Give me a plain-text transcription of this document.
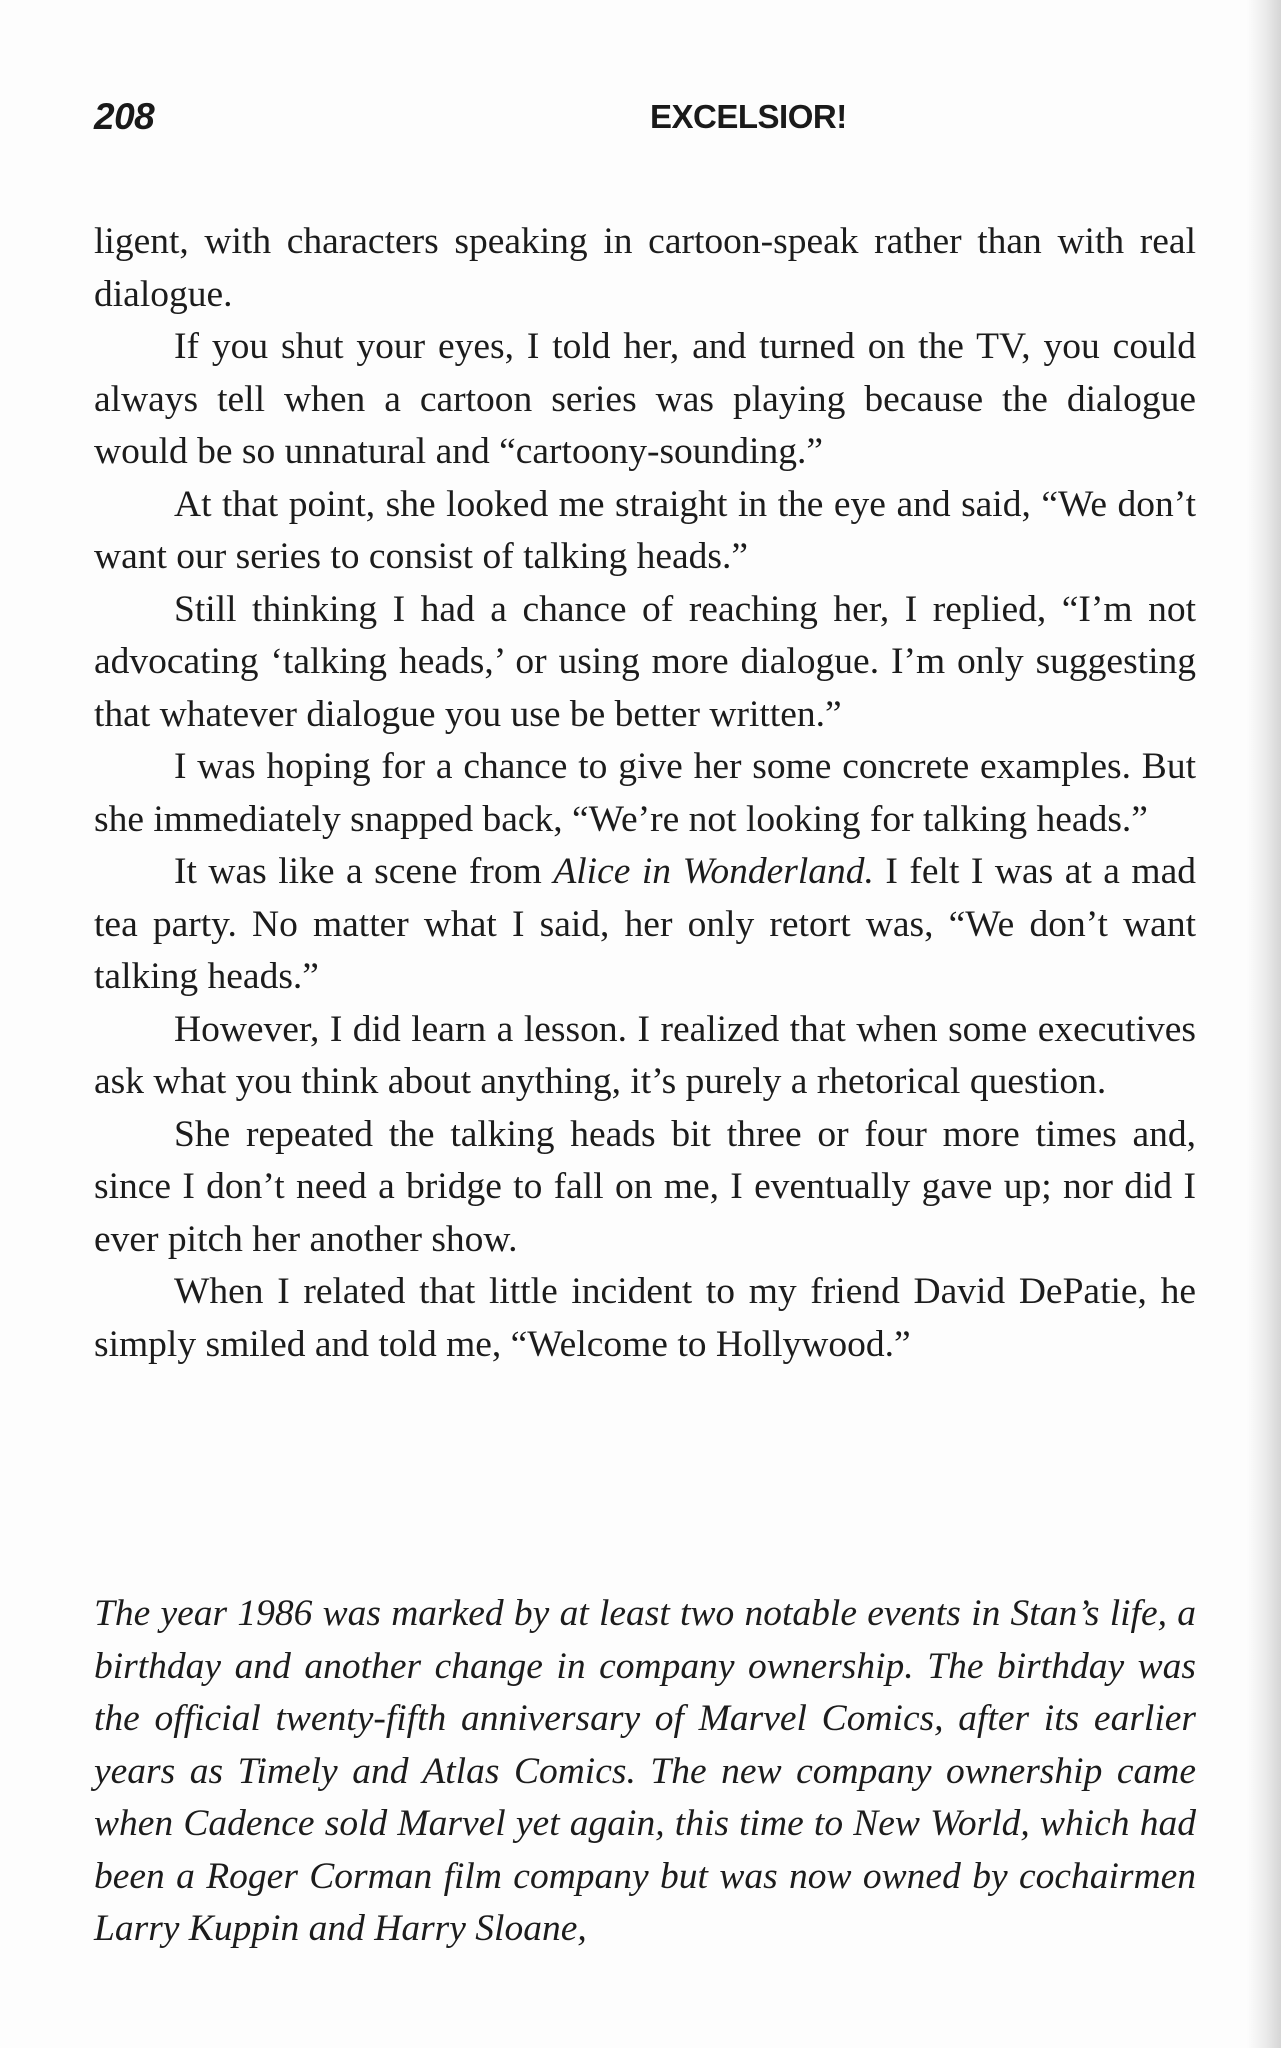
208	EXCELSIOR!

ligent, with characters speaking in cartoon-speak rather than with real dialogue.

If you shut your eyes, I told her, and turned on the TV, you could always tell when a cartoon series was playing because the dialogue would be so unnatural and “cartoony-sounding.”

At that point, she looked me straight in the eye and said, “We don’t want our series to consist of talking heads.”

Still thinking I had a chance of reaching her, I replied, “I’m not advocating ‘talking heads,’ or using more dialogue. I’m only suggesting that whatever dialogue you use be better written.”

I was hoping for a chance to give her some concrete examples. But she immediately snapped back, “We’re not looking for talking heads.”

It was like a scene from Alice in Wonderland. I felt I was at a mad tea party. No matter what I said, her only retort was, “We don’t want talking heads.”

However, I did learn a lesson. I realized that when some executives ask what you think about anything, it’s purely a rhetorical question.

She repeated the talking heads bit three or four more times and, since I don’t need a bridge to fall on me, I eventually gave up; nor did I ever pitch her another show.

When I related that little incident to my friend David DePatie, he simply smiled and told me, “Welcome to Hollywood.”

The year 1986 was marked by at least two notable events in Stan’s life, a birthday and another change in company ownership. The birthday was the official twenty-fifth anniversary of Marvel Comics, after its earlier years as Timely and Atlas Comics. The new company ownership came when Cadence sold Marvel yet again, this time to New World, which had been a Roger Corman film company but was now owned by cochairmen Larry Kuppin and Harry Sloane,
